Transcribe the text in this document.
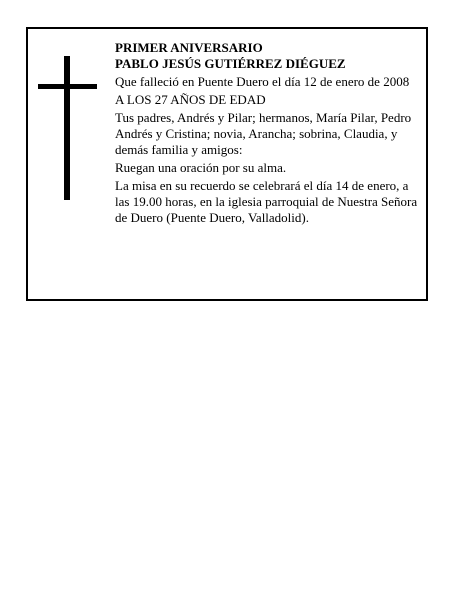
PRIMER ANIVERSARIO

PABLO JESÚS GUTIÉRREZ DIÉGUEZ

Que falleció en Puente Duero el día 12 de enero de 2008

A LOS 27 AÑOS DE EDAD

Tus padres, Andrés y Pilar; hermanos, María Pilar, Pedro Andrés y Cristina; novia, Arancha; sobrina, Claudia, y demás familia y amigos:

Ruegan una oración por su alma.

La misa en su recuerdo se celebrará el día 14 de enero, a las 19.00 horas, en la iglesia parroquial de Nuestra Señora de Duero (Puente Duero, Valladolid).
